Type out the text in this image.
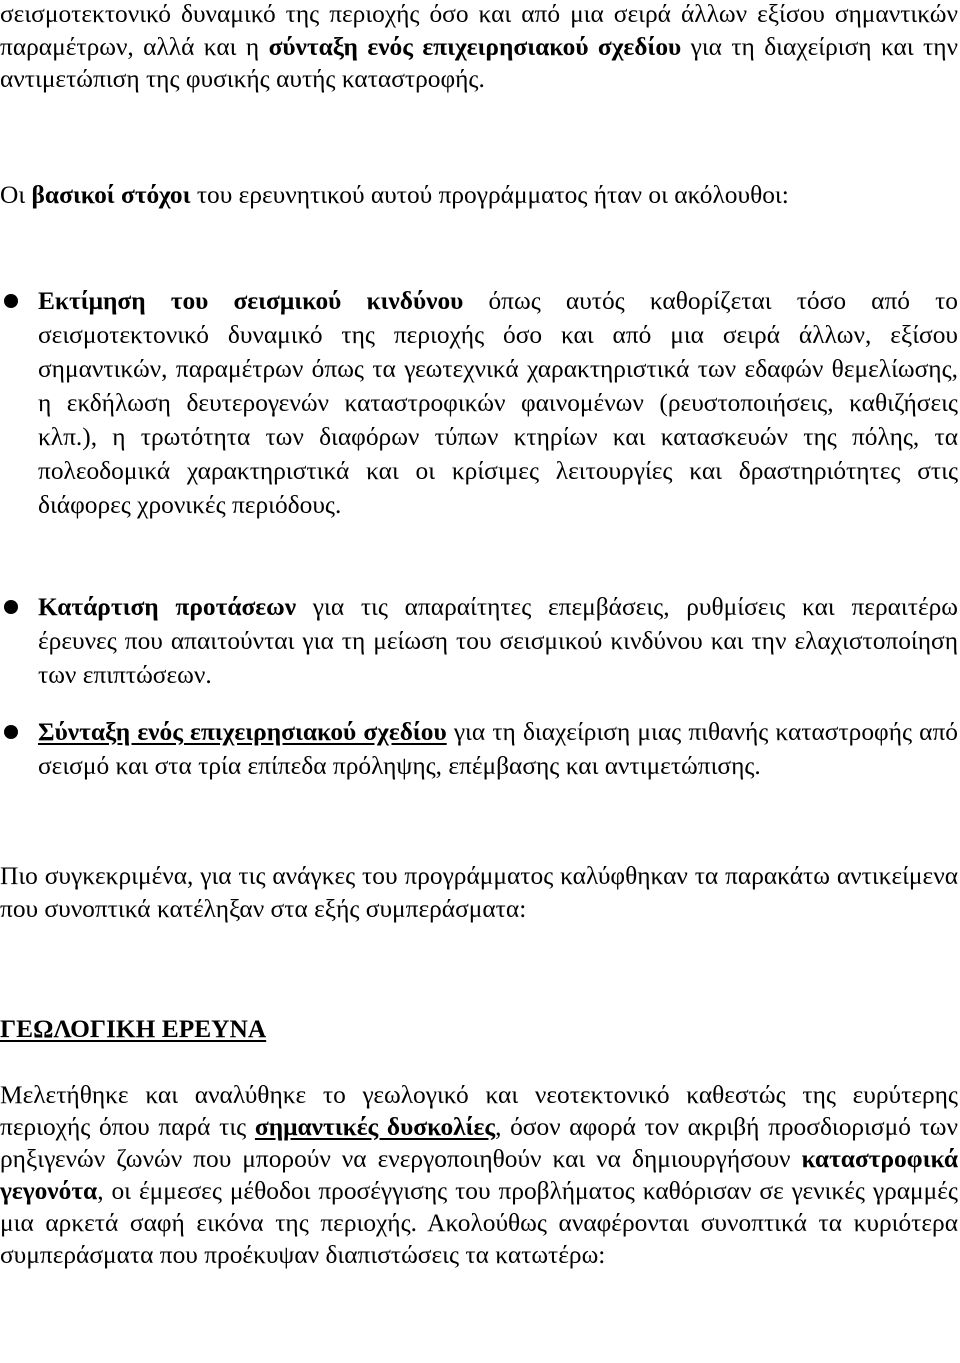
σεισμοτεκτονικό δυναμικό της περιοχής όσο και από μια σειρά άλλων εξίσου σημαντικών παραμέτρων, αλλά και η σύνταξη ενός επιχειρησιακού σχεδίου για τη διαχείριση και την αντιμετώπιση της φυσικής αυτής καταστροφής.

Οι βασικοί στόχοι του ερευνητικού αυτού προγράμματος ήταν οι ακόλουθοι:

Εκτίμηση του σεισμικού κινδύνου όπως αυτός καθορίζεται τόσο από το σεισμοτεκτονικό δυναμικό της περιοχής όσο και από μια σειρά άλλων, εξίσου σημαντικών, παραμέτρων όπως τα γεωτεχνικά χαρακτηριστικά των εδαφών θεμελίωσης, η εκδήλωση δευτερογενών καταστροφικών φαινομένων (ρευστοποιήσεις, καθιζήσεις κλπ.), η τρωτότητα των διαφόρων τύπων κτηρίων και κατασκευών της πόλης, τα πολεοδομικά χαρακτηριστικά και οι κρίσιμες λειτουργίες και δραστηριότητες στις διάφορες χρονικές περιόδους.

Κατάρτιση προτάσεων για τις απαραίτητες επεμβάσεις, ρυθμίσεις και περαιτέρω έρευνες που απαιτούνται για τη μείωση του σεισμικού κινδύνου και την ελαχιστοποίηση των επιπτώσεων.

Σύνταξη ενός επιχειρησιακού σχεδίου για τη διαχείριση μιας πιθανής καταστροφής από σεισμό και στα τρία επίπεδα πρόληψης, επέμβασης και αντιμετώπισης.

Πιο συγκεκριμένα, για τις ανάγκες του προγράμματος καλύφθηκαν τα παρακάτω αντικείμενα που συνοπτικά κατέληξαν στα εξής συμπεράσματα:

ΓΕΩΛΟΓΙΚΗ ΕΡΕΥΝΑ

Μελετήθηκε και αναλύθηκε το γεωλογικό και νεοτεκτονικό καθεστώς της ευρύτερης περιοχής όπου παρά τις σημαντικές δυσκολίες, όσον αφορά τον ακριβή προσδιορισμό των ρηξιγενών ζωνών που μπορούν να ενεργοποιηθούν και να δημιουργήσουν καταστροφικά γεγονότα, οι έμμεσες μέθοδοι προσέγγισης του προβλήματος καθόρισαν σε γενικές γραμμές μια αρκετά σαφή εικόνα της περιοχής. Ακολούθως αναφέρονται συνοπτικά τα κυριότερα συμπεράσματα που προέκυψαν διαπιστώσεις τα κατωτέρω:
